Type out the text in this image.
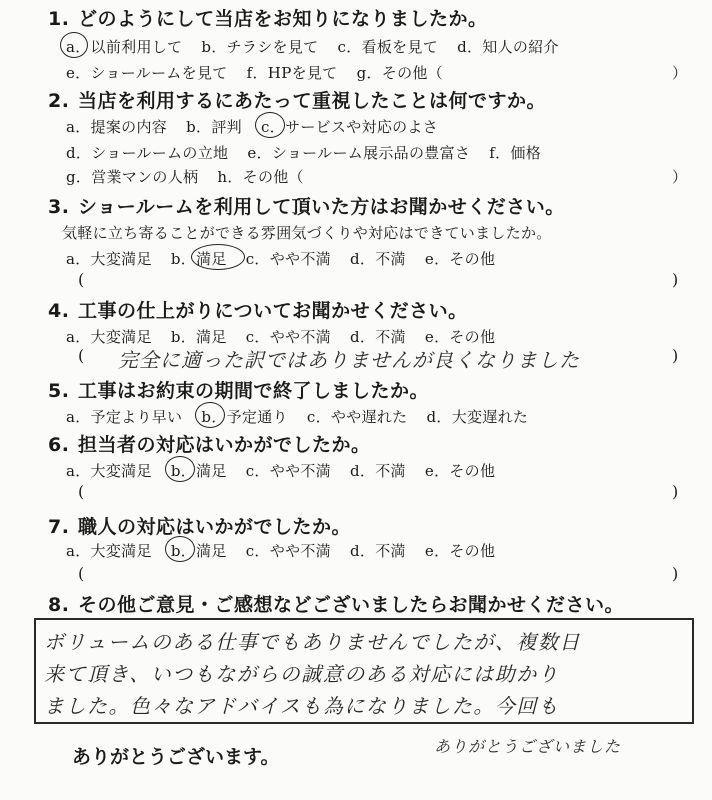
1. どのようにして当店をお知りになりましたか。
a．以前利用して b．チラシを見て c．看板を見て d．知人の紹介
e．ショールームを見て f．HPを見て g．その他（	）
2. 当店を利用するにあたって重視したことは何ですか。
a．提案の内容 b．評判 c．サービスや対応のよさ
d．ショールームの立地 e．ショールーム展示品の豊富さ f．価格
g．営業マンの人柄 h．その他（	）
3. ショールームを利用して頂いた方はお聞かせください。
気軽に立ち寄ることができる雰囲気づくりや対応はできていましたか。
a．大変満足 b．満足 c．やや不満 d．不満 e．その他
(	)
4. 工事の仕上がりについてお聞かせください。
a．大変満足 b．満足 c．やや不満 d．不満 e．その他
( 完全に適った訳ではありませんが良くなりました	)
5. 工事はお約束の期間で終了しましたか。
a．予定より早い b．予定通り c．やや遅れた d．大変遅れた
6. 担当者の対応はいかがでしたか。
a．大変満足 b．満足 c．やや不満 d．不満 e．その他
(	)
7. 職人の対応はいかがでしたか。
a．大変満足 b．満足 c．やや不満 d．不満 e．その他
(	)
8. その他ご意見・ご感想などございましたらお聞かせください。
ボリュームのある仕事でもありませんでしたが、複数日
来て頂き、いつもながらの誠意のある対応には助かり
ました。色々なアドバイスも為になりました。今回も
ありがとうございます。	ありがとうございました
